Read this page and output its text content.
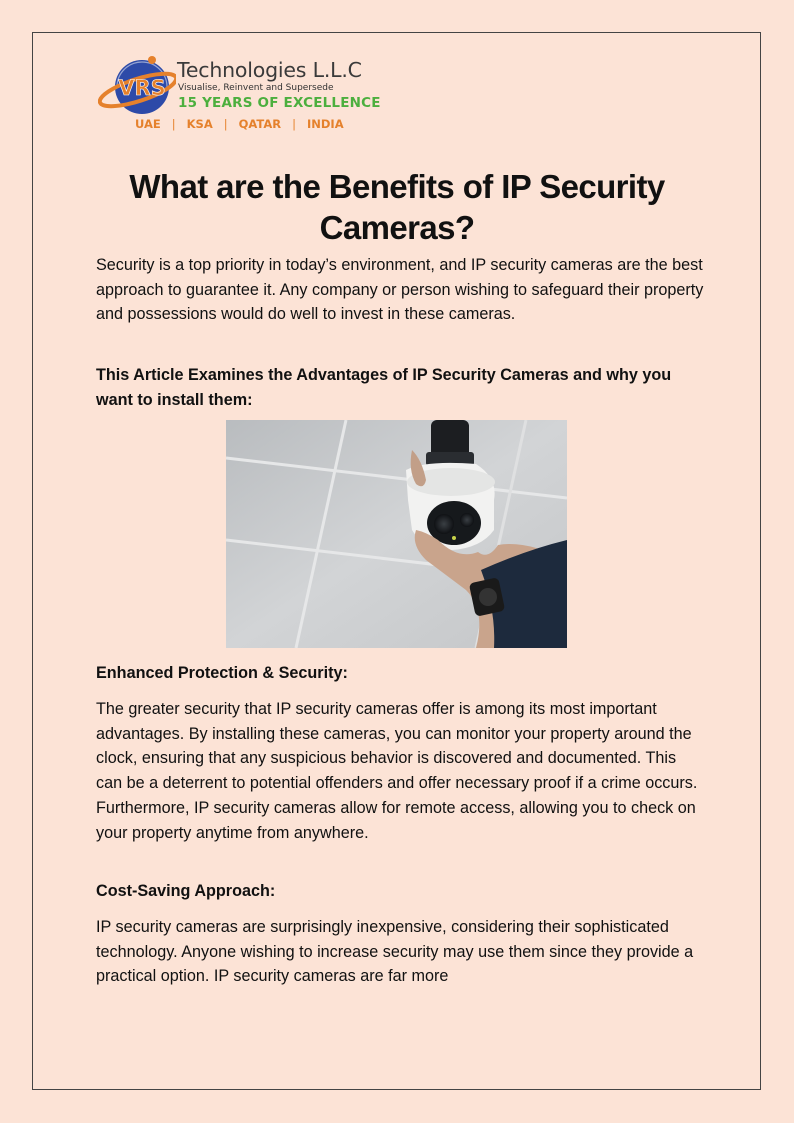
VRS
Technologies L.L.C
Visualise, Reinvent and Supersede
15 YEARS OF EXCELLENCE
UAE | KSA | QATAR | INDIA
What are the Benefits of IP Security Cameras?

Security is a top priority in today’s environment, and IP security cameras are the best approach to guarantee it. Any company or person wishing to safeguard their property and possessions would do well to invest in these cameras.

This Article Examines the Advantages of IP Security Cameras and why you want to install them:

Enhanced Protection & Security:

The greater security that IP security cameras offer is among its most important advantages. By installing these cameras, you can monitor your property around the clock, ensuring that any suspicious behavior is discovered and documented. This can be a deterrent to potential offenders and offer necessary proof if a crime occurs. Furthermore, IP security cameras allow for remote access, allowing you to check on your property anytime from anywhere.

Cost-Saving Approach:

IP security cameras are surprisingly inexpensive, considering their sophisticated technology. Anyone wishing to increase security may use them since they provide a practical option. IP security cameras are far more
